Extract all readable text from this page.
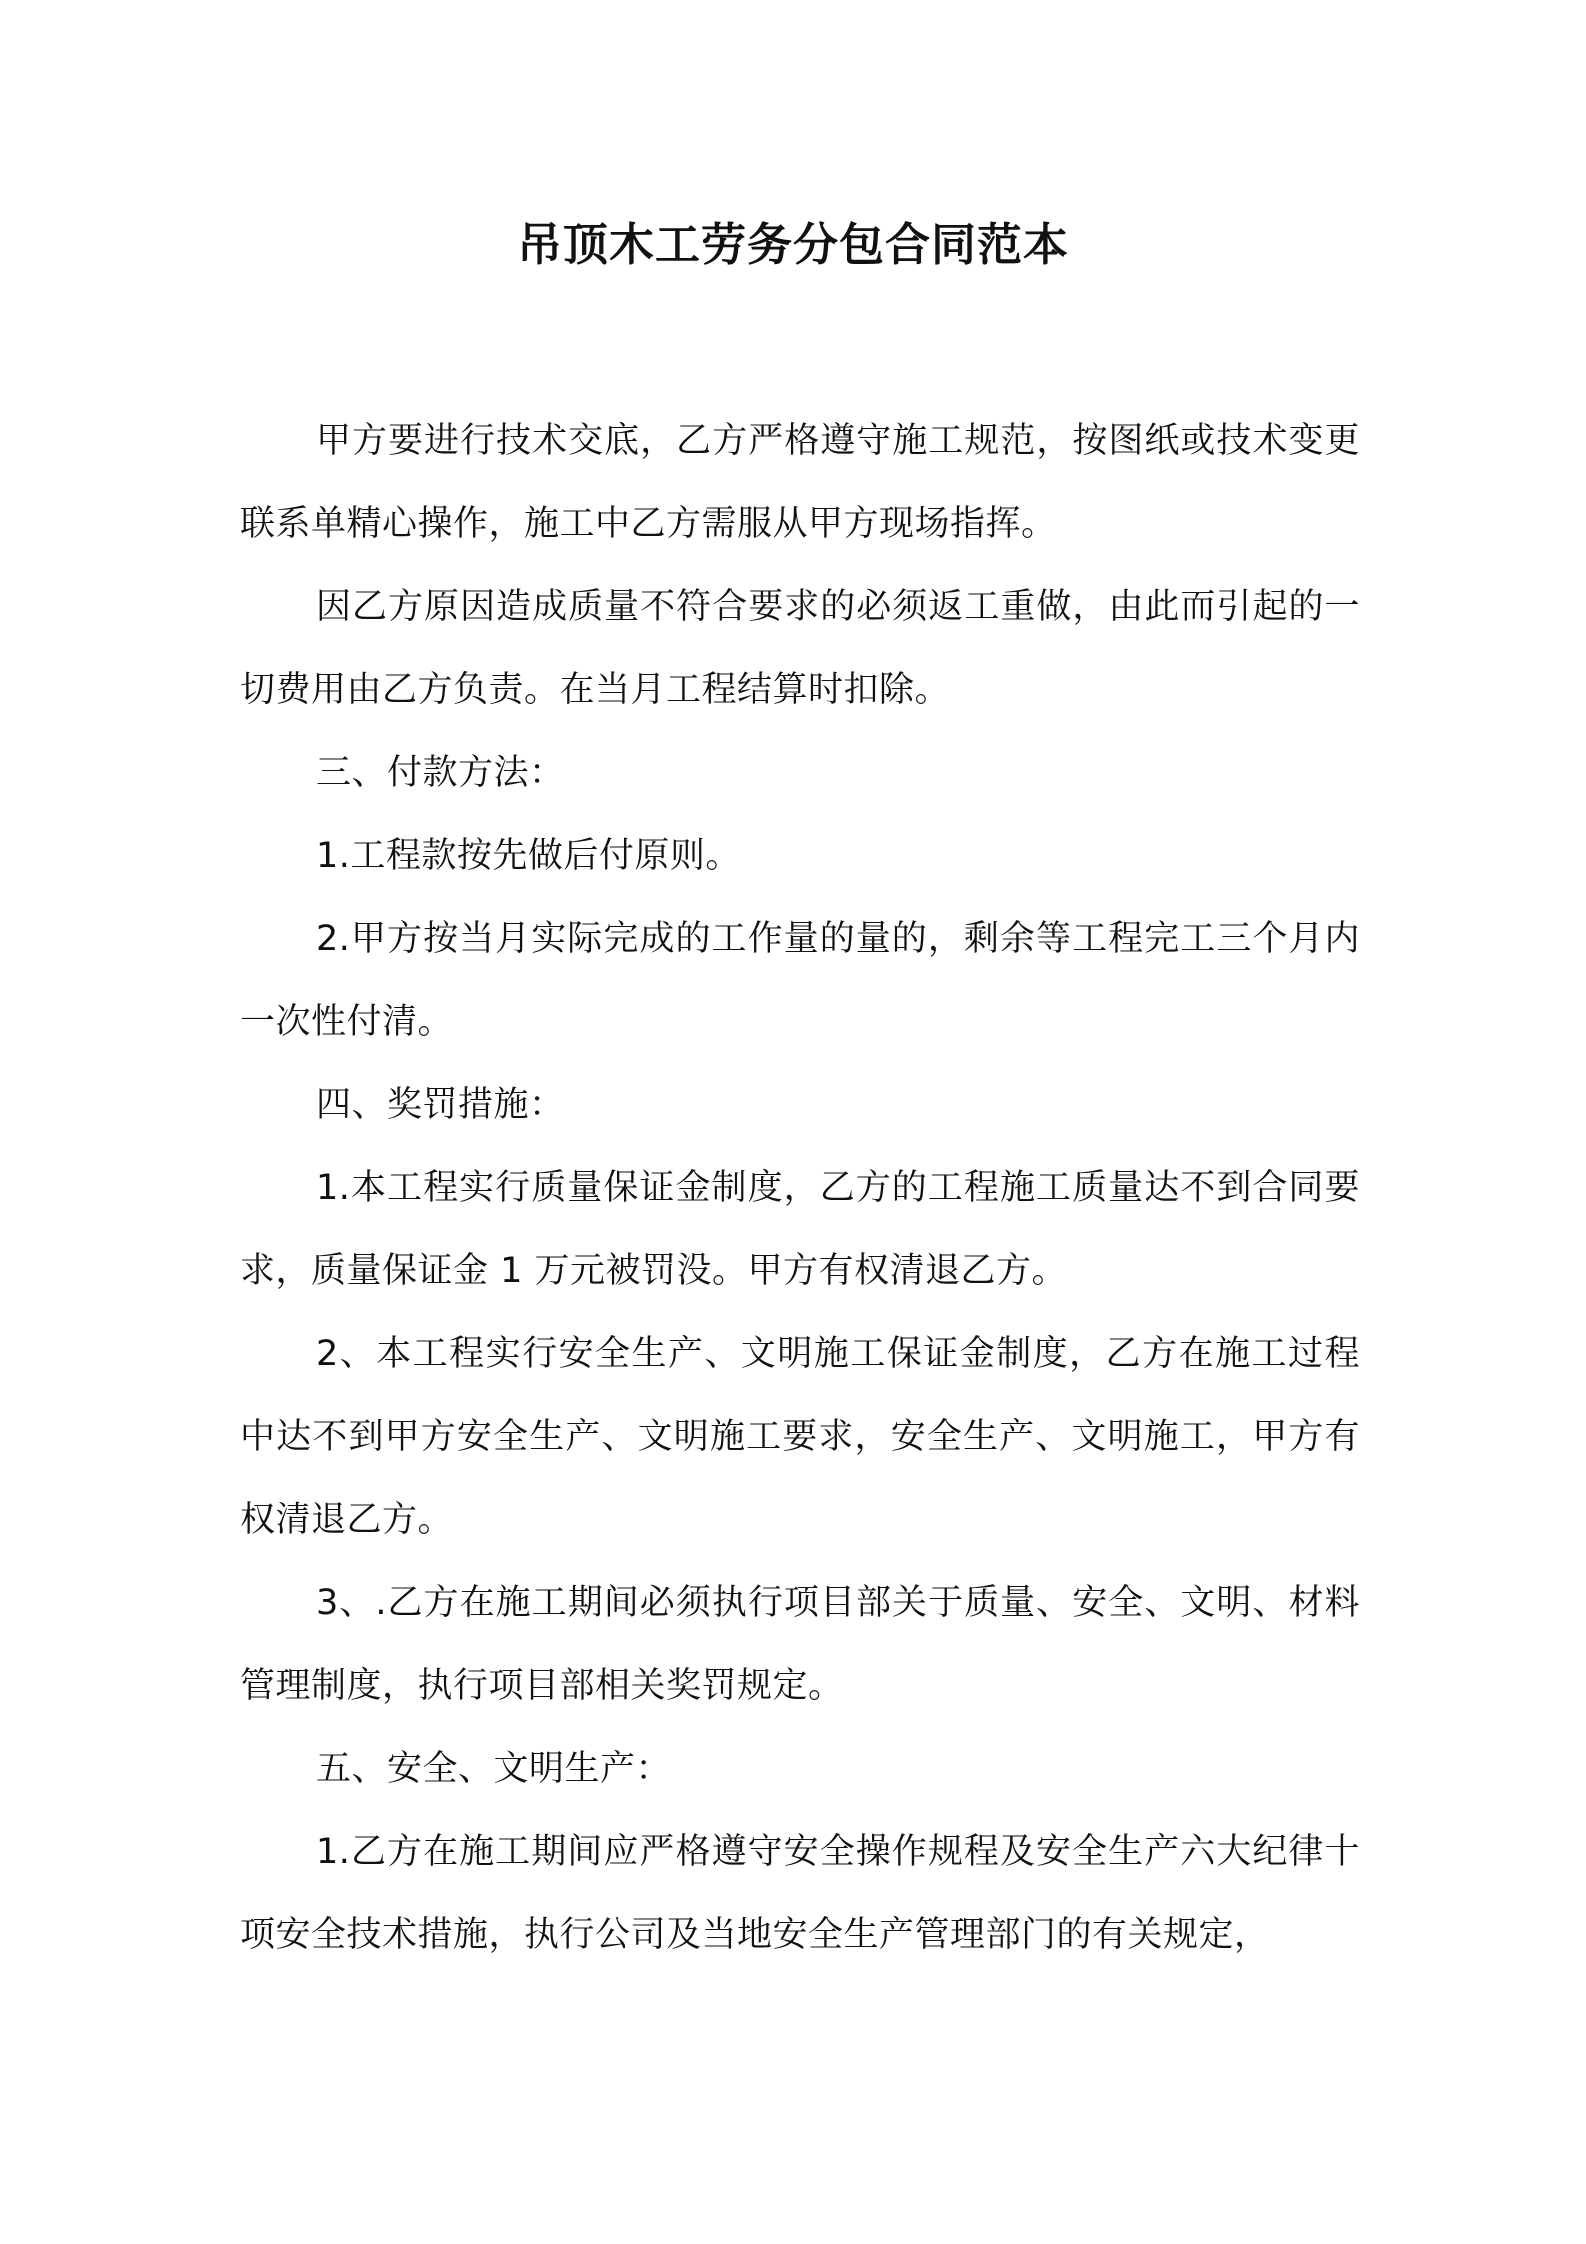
吊顶木工劳务分包合同范本

甲方要进行技术交底，乙方严格遵守施工规范，按图纸或技术变更联系单精心操作，施工中乙方需服从甲方现场指挥。

因乙方原因造成质量不符合要求的必须返工重做，由此而引起的一切费用由乙方负责。在当月工程结算时扣除。

三、付款方法：

1.工程款按先做后付原则。

2.甲方按当月实际完成的工作量的量的，剩余等工程完工三个月内一次性付清。

四、奖罚措施：

1.本工程实行质量保证金制度，乙方的工程施工质量达不到合同要求，质量保证金 1 万元被罚没。甲方有权清退乙方。

2、本工程实行安全生产、文明施工保证金制度，乙方在施工过程中达不到甲方安全生产、文明施工要求，安全生产、文明施工，甲方有权清退乙方。

3、.乙方在施工期间必须执行项目部关于质量、安全、文明、材料管理制度，执行项目部相关奖罚规定。

五、安全、文明生产：

1.乙方在施工期间应严格遵守安全操作规程及安全生产六大纪律十项安全技术措施，执行公司及当地安全生产管理部门的有关规定，
